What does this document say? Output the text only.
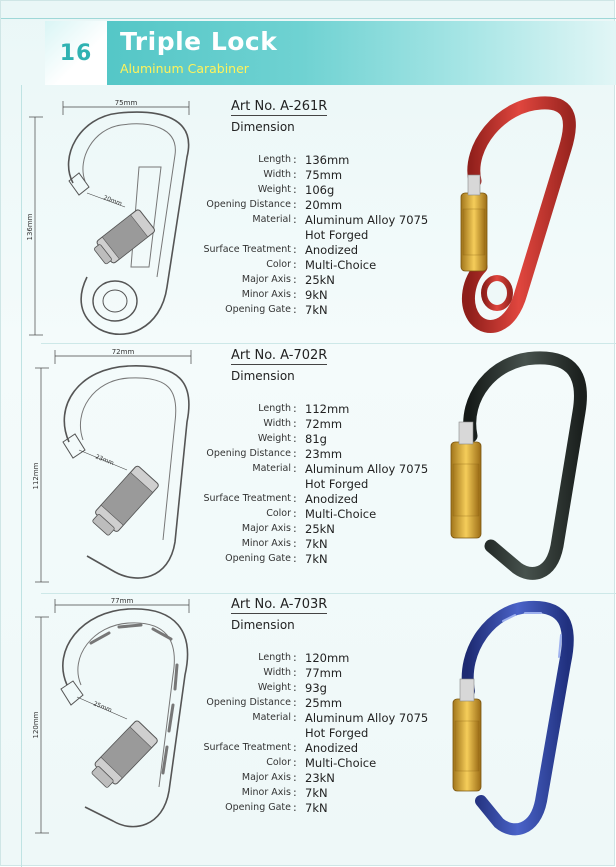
16 Triple Lock
Aluminum Carabiner
75mm
136mm
20mm
Art No. A-261R
Dimension
Length : 136mm
Width : 75mm
Weight : 106g
Opening Distance : 20mm
Material : Aluminum Alloy 7075
Hot Forged
Surface Treatment : Anodized
Color : Multi-Choice
Major Axis : 25kN
Minor Axis : 9kN
Opening Gate : 7kN
72mm
112mm
23mm
Art No. A-702R
Dimension
Length : 112mm
Width : 72mm
Weight : 81g
Opening Distance : 23mm
Material : Aluminum Alloy 7075
Hot Forged
Surface Treatment : Anodized
Color : Multi-Choice
Major Axis : 25kN
Minor Axis : 7kN
Opening Gate : 7kN
77mm
120mm
25mm
Art No. A-703R
Dimension
Length : 120mm
Width : 77mm
Weight : 93g
Opening Distance : 25mm
Material : Aluminum Alloy 7075
Hot Forged
Surface Treatment : Anodized
Color : Multi-Choice
Major Axis : 23kN
Minor Axis : 7kN
Opening Gate : 7kN
